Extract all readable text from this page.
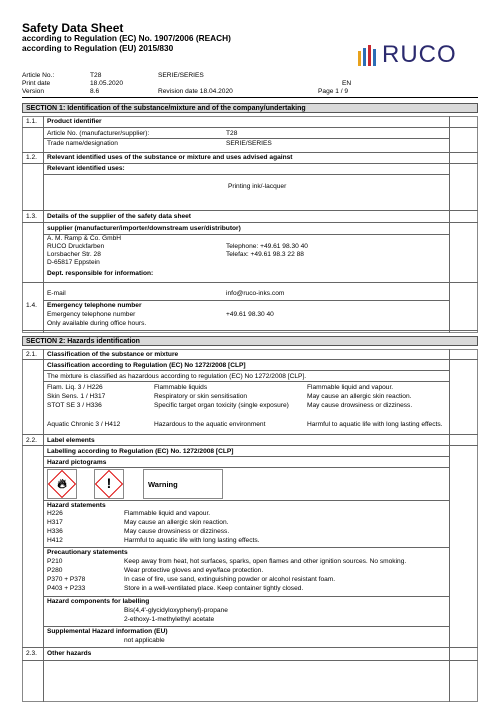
Safety Data Sheet
according to Regulation (EC) No. 1907/2006 (REACH)
according to Regulation (EU) 2015/830	RUCO
Article No.:	T28	SERIE/SERIES
Print date	18.05.2020	EN
Version	8.6	Revision date 18.04.2020	Page 1 / 9
SECTION 1: Identification of the substance/mixture and of the company/undertaking
1.1. Product identifier
Article No. (manufacturer/supplier):	T28
Trade name/designation	SERIE/SERIES
1.2. Relevant identified uses of the substance or mixture and uses advised against
Relevant identified uses:
Printing ink/-lacquer
1.3. Details of the supplier of the safety data sheet
supplier (manufacturer/importer/downstream user/distributor)
A. M. Ramp & Co. GmbH
RUCO Druckfarben
Lorsbacher Str. 28
D-65817 Eppstein
Telephone: +49.61 98.30 40
Telefax: +49.61 98.3 22 88
Dept. responsible for information:
E-mail	info@ruco-inks.com
1.4. Emergency telephone number
Emergency telephone number	+49.61 98.30 40
Only available during office hours.
SECTION 2: Hazards identification
2.1. Classification of the substance or mixture
Classification according to Regulation (EC) No 1272/2008 [CLP]
The mixture is classified as hazardous according to regulation (EC) No 1272/2008 [CLP].
Flam. Liq. 3 / H226	Flammable liquids	Flammable liquid and vapour.
Skin Sens. 1 / H317	Respiratory or skin sensitisation	May cause an allergic skin reaction.
STOT SE 3 / H336	Specific target organ toxicity (single exposure)	May cause drowsiness or dizziness.
Aquatic Chronic 3 / H412	Hazardous to the aquatic environment	Harmful to aquatic life with long lasting effects.
2.2. Label elements
Labelling according to Regulation (EC) No. 1272/2008 [CLP]
Hazard pictograms
🔥︎	!	Warning
Hazard statements
H226	Flammable liquid and vapour.
H317	May cause an allergic skin reaction.
H336	May cause drowsiness or dizziness.
H412	Harmful to aquatic life with long lasting effects.
Precautionary statements
P210	Keep away from heat, hot surfaces, sparks, open flames and other ignition sources. No smoking.
P280	Wear protective gloves and eye/face protection.
P370 + P378	In case of fire, use sand, extinguishing powder or alcohol resistant foam.
P403 + P233	Store in a well-ventilated place. Keep container tightly closed.
Hazard components for labelling
Bis(4,4'-glycidyloxyphenyl)-propane
2-ethoxy-1-methylethyl acetate
Supplemental Hazard information (EU)
not applicable
2.3. Other hazards
